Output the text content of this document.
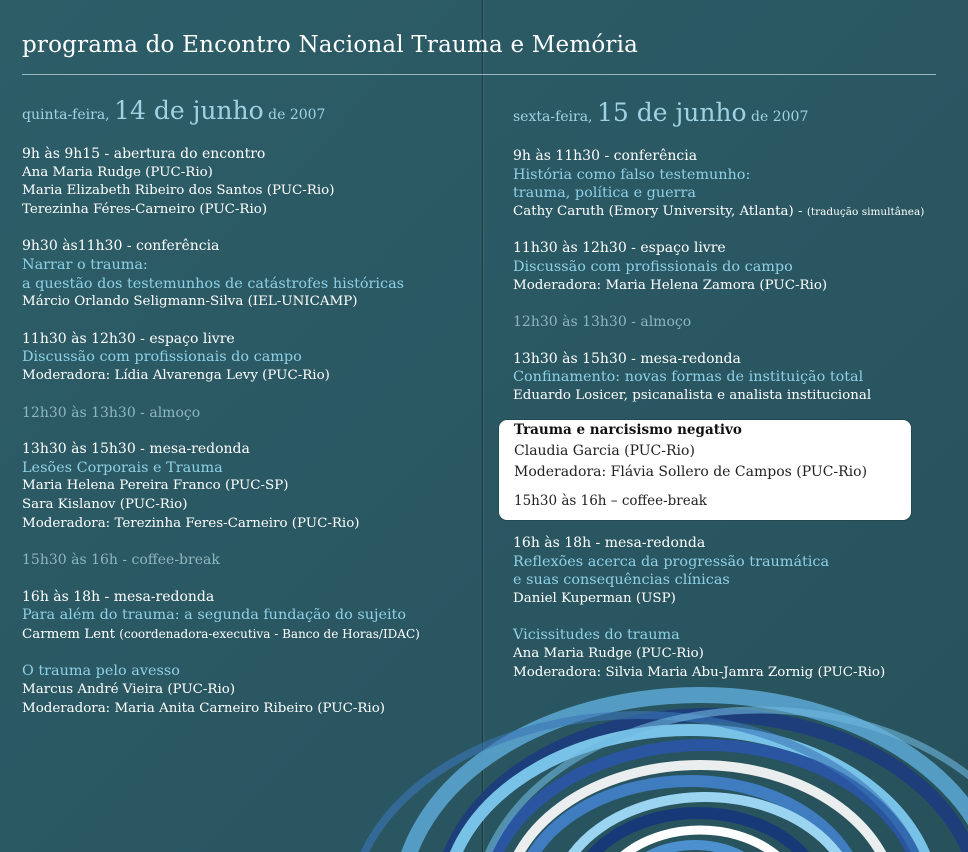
programa do Encontro Nacional Trauma e Memória
quinta-feira, 14 de junho de 2007
9h às 9h15 - abertura do encontro
Ana Maria Rudge (PUC-Rio)
Maria Elizabeth Ribeiro dos Santos (PUC-Rio)
Terezinha Féres-Carneiro (PUC-Rio)
9h30 às11h30 - conferência
Narrar o trauma:
a questão dos testemunhos de catástrofes históricas
Márcio Orlando Seligmann-Silva (IEL-UNICAMP)
11h30 às 12h30 - espaço livre
Discussão com profissionais do campo
Moderadora: Lídia Alvarenga Levy (PUC-Rio)
12h30 às 13h30 - almoço
13h30 às 15h30 - mesa-redonda
Lesões Corporais e Trauma
Maria Helena Pereira Franco (PUC-SP)
Sara Kislanov (PUC-Rio)
Moderadora: Terezinha Feres-Carneiro (PUC-Rio)
15h30 às 16h - coffee-break
16h às 18h - mesa-redonda
Para além do trauma: a segunda fundação do sujeito
Carmem Lent (coordenadora-executiva - Banco de Horas/IDAC)
O trauma pelo avesso
Marcus André Vieira (PUC-Rio)
Moderadora: Maria Anita Carneiro Ribeiro (PUC-Rio)
sexta-feira, 15 de junho de 2007
9h às 11h30 - conferência
História como falso testemunho:
trauma, política e guerra
Cathy Caruth (Emory University, Atlanta) - (tradução simultânea)
11h30 às 12h30 - espaço livre
Discussão com profissionais do campo
Moderadora: Maria Helena Zamora (PUC-Rio)
12h30 às 13h30 - almoço
13h30 às 15h30 - mesa-redonda
Confinamento: novas formas de instituição total
Eduardo Losicer, psicanalista e analista institucional
Trauma e narcisismo negativo
Claudia Garcia (PUC-Rio)
Moderadora: Flávia Sollero de Campos (PUC-Rio)
15h30 às 16h – coffee-break
16h às 18h - mesa-redonda
Reflexões acerca da progressão traumática
e suas consequências clínicas
Daniel Kuperman (USP)
Vicissitudes do trauma
Ana Maria Rudge (PUC-Rio)
Moderadora: Silvia Maria Abu-Jamra Zornig (PUC-Rio)
